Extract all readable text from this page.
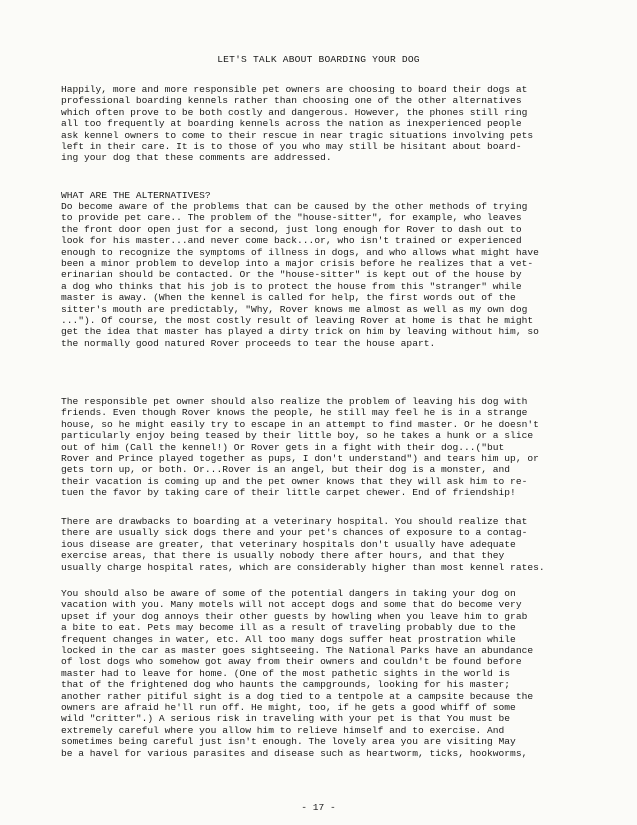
LET'S TALK ABOUT BOARDING YOUR DOG
Happily, more and more responsible pet owners are choosing to board their dogs at
professional boarding kennels rather than choosing one of the other alternatives
which often prove to be both costly and dangerous. However, the phones still ring
all too frequently at boarding kennels across the nation as inexperienced people
ask kennel owners to come to their rescue in near tragic situations involving pets
left in their care. It is to those of you who may still be hisitant about board-
ing your dog that these comments are addressed.
WHAT ARE THE ALTERNATIVES?
Do become aware of the problems that can be caused by the other methods of trying
to provide pet care.. The problem of the "house-sitter", for example, who leaves
the front door open just for a second, just long enough for Rover to dash out to
look for his master...and never come back...or, who isn't trained or experienced
enough to recognize the symptoms of illness in dogs, and who allows what might have
been a minor problem to develop into a major crisis before he realizes that a vet-
erinarian should be contacted. Or the "house-sitter" is kept out of the house by
a dog who thinks that his job is to protect the house from this "stranger" while
master is away. (When the kennel is called for help, the first words out of the
sitter's mouth are predictably, "Why, Rover knows me almost as well as my own dog
..."). Of course, the most costly result of leaving Rover at home is that he might
get the idea that master has played a dirty trick on him by leaving without him, so
the normally good natured Rover proceeds to tear the house apart.
The responsible pet owner should also realize the problem of leaving his dog with
friends. Even though Rover knows the people, he still may feel he is in a strange
house, so he might easily try to escape in an attempt to find master. Or he doesn't
particularly enjoy being teased by their little boy, so he takes a hunk or a slice
out of him (Call the kennel!) Or Rover gets in a fight with their dog...("but
Rover and Prince played together as pups, I don't understand") and tears him up, or
gets torn up, or both. Or...Rover is an angel, but their dog is a monster, and
their vacation is coming up and the pet owner knows that they will ask him to re-
tuen the favor by taking care of their little carpet chewer. End of friendship!
There are drawbacks to boarding at a veterinary hospital. You should realize that
there are usually sick dogs there and your pet's chances of exposure to a contag-
ious disease are greater, that veterinary hospitals don't usually have adequate
exercise areas, that there is usually nobody there after hours, and that they
usually charge hospital rates, which are considerably higher than most kennel rates.
You should also be aware of some of the potential dangers in taking your dog on
vacation with you. Many motels will not accept dogs and some that do become very
upset if your dog annoys their other guests by howling when you leave him to grab
a bite to eat. Pets may become ill as a result of traveling probably due to the
frequent changes in water, etc. All too many dogs suffer heat prostration while
locked in the car as master goes sightseeing. The National Parks have an abundance
of lost dogs who somehow got away from their owners and couldn't be found before
master had to leave for home. (One of the most pathetic sights in the world is
that of the frightened dog who haunts the campgrounds, looking for his master;
another rather pitiful sight is a dog tied to a tentpole at a campsite because the
owners are afraid he'll run off. He might, too, if he gets a good whiff of some
wild "critter".) A serious risk in traveling with your pet is that You must be
extremely careful where you allow him to relieve himself and to exercise. And
sometimes being careful just isn't enough. The lovely area you are visiting May
be a havel for various parasites and disease such as heartworm, ticks, hookworms,
- 17 -
